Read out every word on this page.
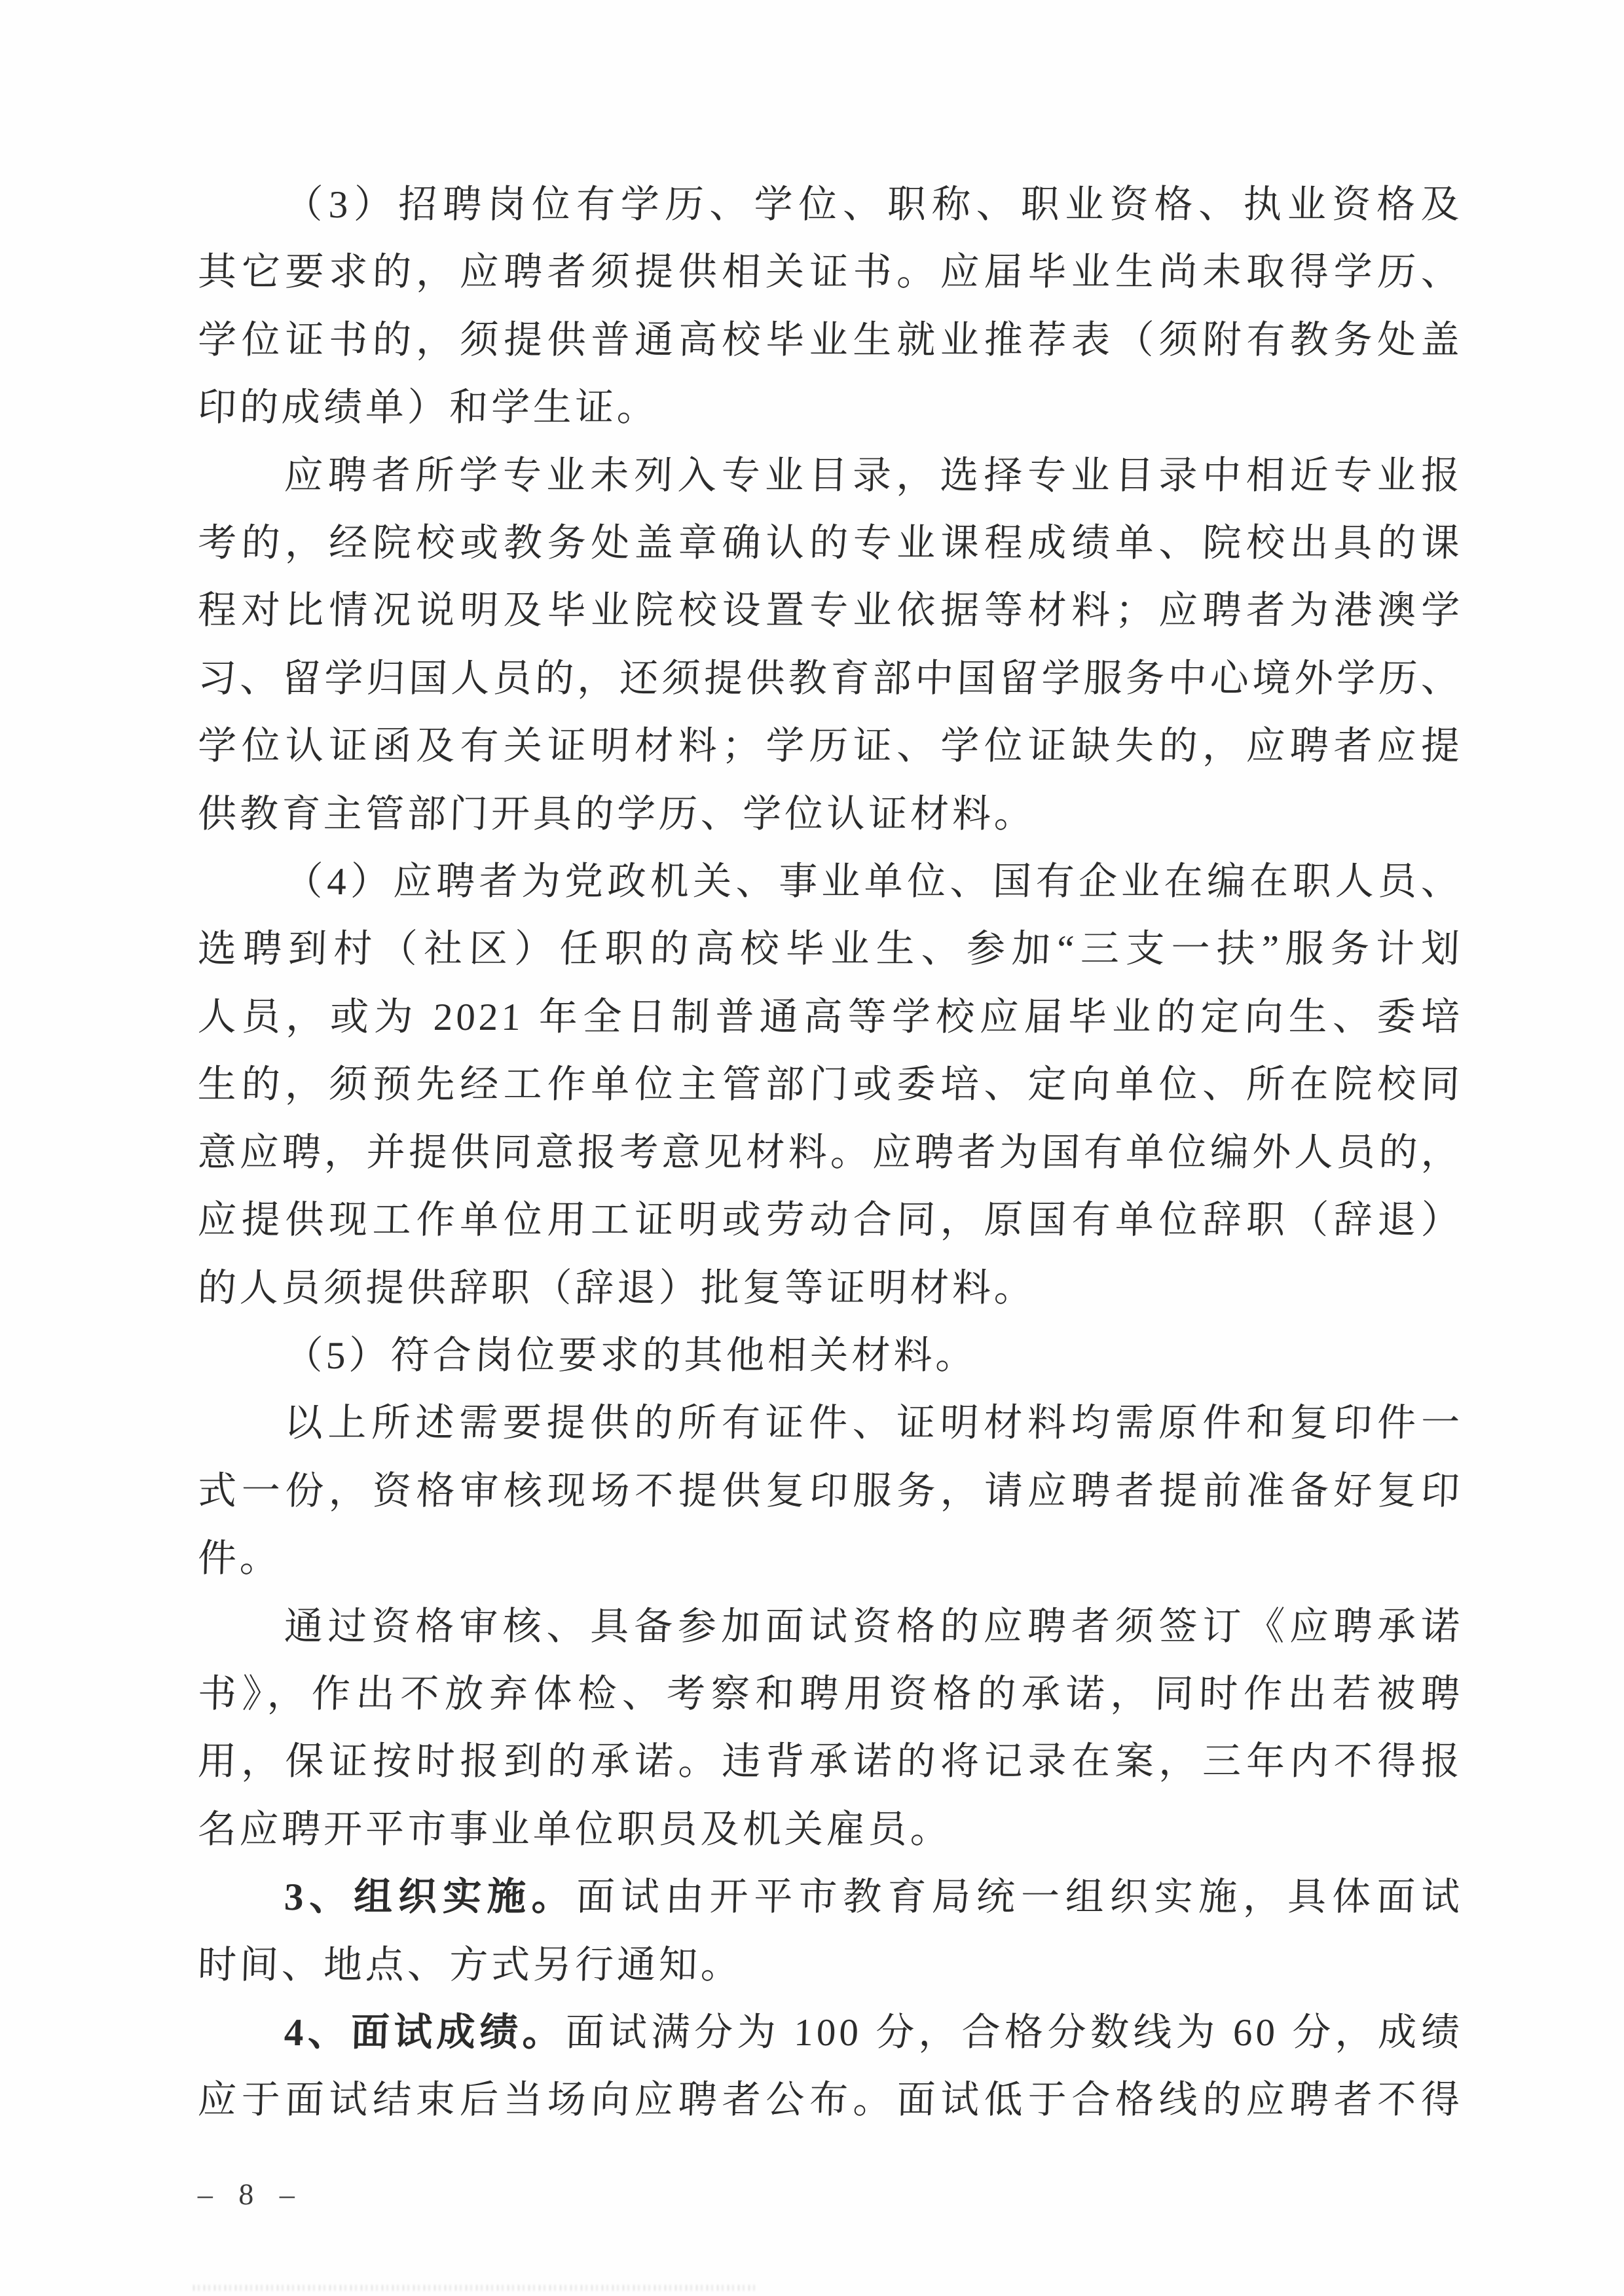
（3）招聘岗位有学历、学位、职称、职业资格、执业资格及
其它要求的，应聘者须提供相关证书。应届毕业生尚未取得学历、
学位证书的，须提供普通高校毕业生就业推荐表（须附有教务处盖
印的成绩单）和学生证。
应聘者所学专业未列入专业目录，选择专业目录中相近专业报
考的，经院校或教务处盖章确认的专业课程成绩单、院校出具的课
程对比情况说明及毕业院校设置专业依据等材料；应聘者为港澳学
习、留学归国人员的，还须提供教育部中国留学服务中心境外学历、
学位认证函及有关证明材料；学历证、学位证缺失的，应聘者应提
供教育主管部门开具的学历、学位认证材料。
（4）应聘者为党政机关、事业单位、国有企业在编在职人员、
选聘到村（社区）任职的高校毕业生、参加“三支一扶”服务计划
人员，或为 2021 年全日制普通高等学校应届毕业的定向生、委培
生的，须预先经工作单位主管部门或委培、定向单位、所在院校同
意应聘，并提供同意报考意见材料。应聘者为国有单位编外人员的，
应提供现工作单位用工证明或劳动合同，原国有单位辞职（辞退）
的人员须提供辞职（辞退）批复等证明材料。
（5）符合岗位要求的其他相关材料。
以上所述需要提供的所有证件、证明材料均需原件和复印件一
式一份，资格审核现场不提供复印服务，请应聘者提前准备好复印
件。
通过资格审核、具备参加面试资格的应聘者须签订《应聘承诺
书》，作出不放弃体检、考察和聘用资格的承诺，同时作出若被聘
用，保证按时报到的承诺。违背承诺的将记录在案，三年内不得报
名应聘开平市事业单位职员及机关雇员。
3、组织实施。面试由开平市教育局统一组织实施，具体面试
时间、地点、方式另行通知。
4、面试成绩。面试满分为 100 分，合格分数线为 60 分，成绩
应于面试结束后当场向应聘者公布。面试低于合格线的应聘者不得
– 8 –
